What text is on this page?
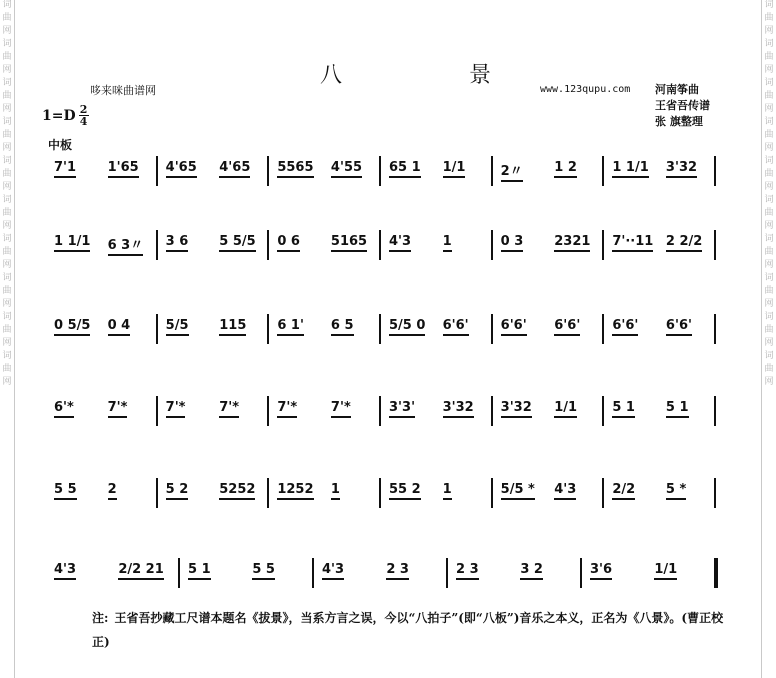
词
曲
网
词
曲
网
词
曲
网
词
曲
网
词
曲
网
词
曲
网
词
曲
网
词
曲
网
词
曲
网
词
曲
网
词
曲
网
词
曲
网
词
曲
网
词
曲
网
词
曲
网
词
曲
网
词
曲
网
词
曲
网
词
曲
网
词
曲
网
八 景
哆来咪曲谱网	www.123qupu.com 河南筝曲
王省吾传谱
张 旗整理
$1=D \frac{2}{4}$
中板
7'1 1'65 4'65 4'65 5565 4'55 65 1 1/1	2〃 1 2	1 1/1 3'32
1 1/1 6 3〃 3 6 5 5/5 0 6 5165 4'3 1	0 3 2321 7'··11 2 2/2
0 5/5 0 4	5/5 115 6 1' 6 5	5/5 0 6'6' 6'6' 6'6' 6'6' 6'6'
6'*	7'*	7'*	7'*	7'*	7'*	3'3' 3'32 3'32 1/1	5 1 5 1
5 5 2	5 2 5252 1252 1	55 2 1	5/5 * 4'3	2/2 5 *
4'3	2/2 21 5 1	5 5	4'3	2 3	2 3	3 2	3'6	1/1
注: 王省吾抄藏工尺谱本题名《拔景》，当系方言之误，今以“八拍子”(即“八板”)音乐之本义，正名为《八景》。(曹正校正)
